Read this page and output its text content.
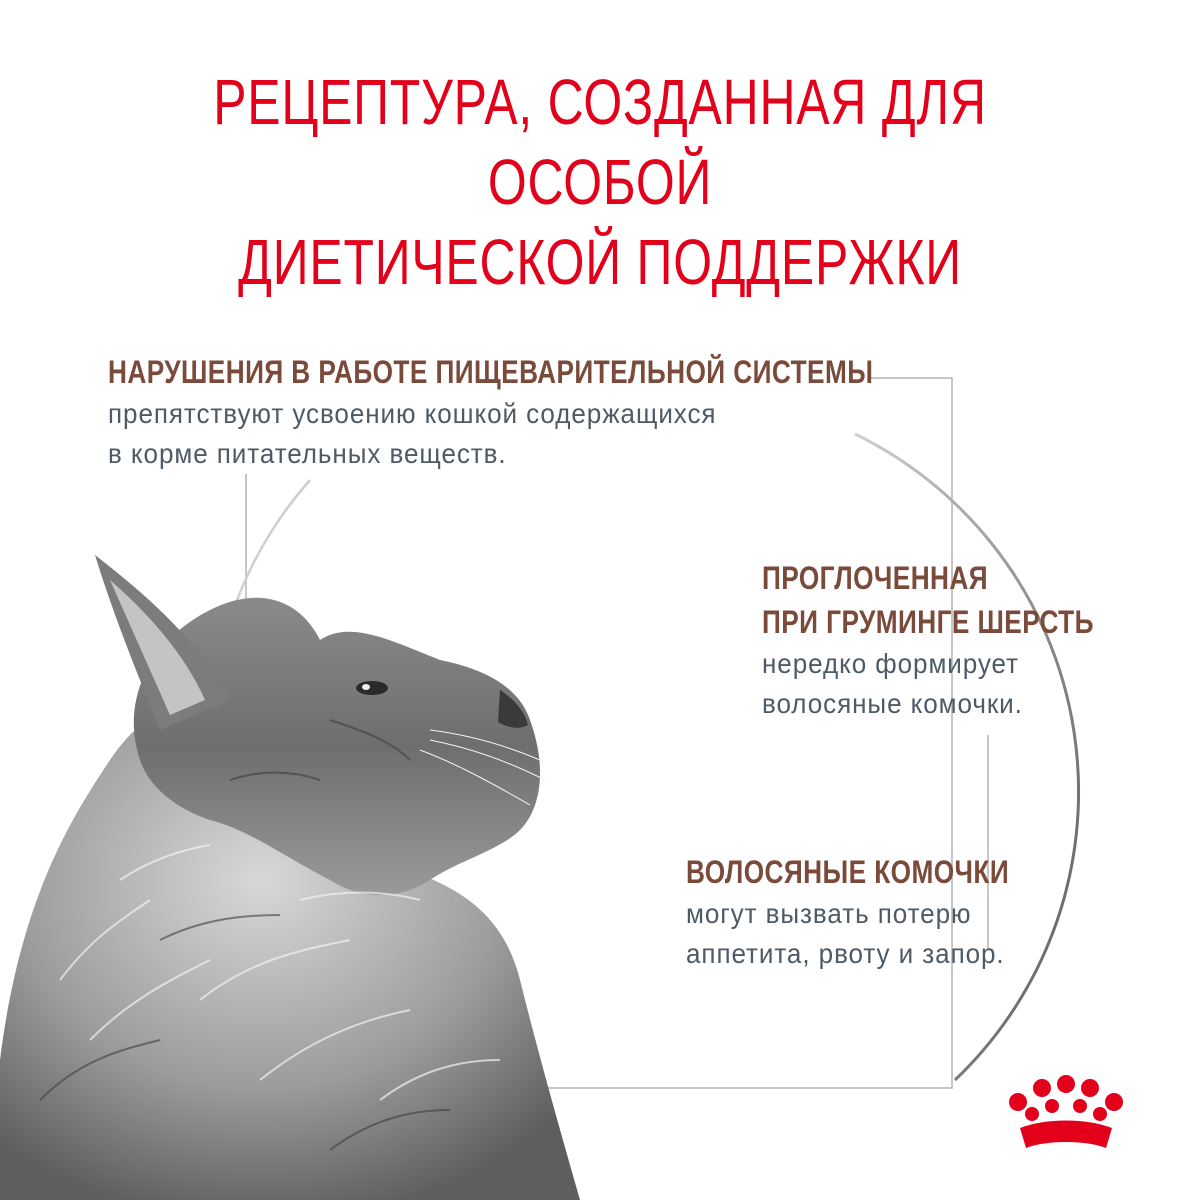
РЕЦЕПТУРА, СОЗДАННАЯ ДЛЯ ОСОБОЙ
ДИЕТИЧЕСКОЙ ПОДДЕРЖКИ
НАРУШЕНИЯ В РАБОТЕ ПИЩЕВАРИТЕЛЬНОЙ СИСТЕМЫ
препятствуют усвоению кошкой содержащихся
в корме питательных веществ.
ПРОГЛОЧЕННАЯ
ПРИ ГРУМИНГЕ ШЕРСТЬ
нередко формирует
волосяные комочки.
ВОЛОСЯНЫЕ КОМОЧКИ
могут вызвать потерю
аппетита, рвоту и запор.
